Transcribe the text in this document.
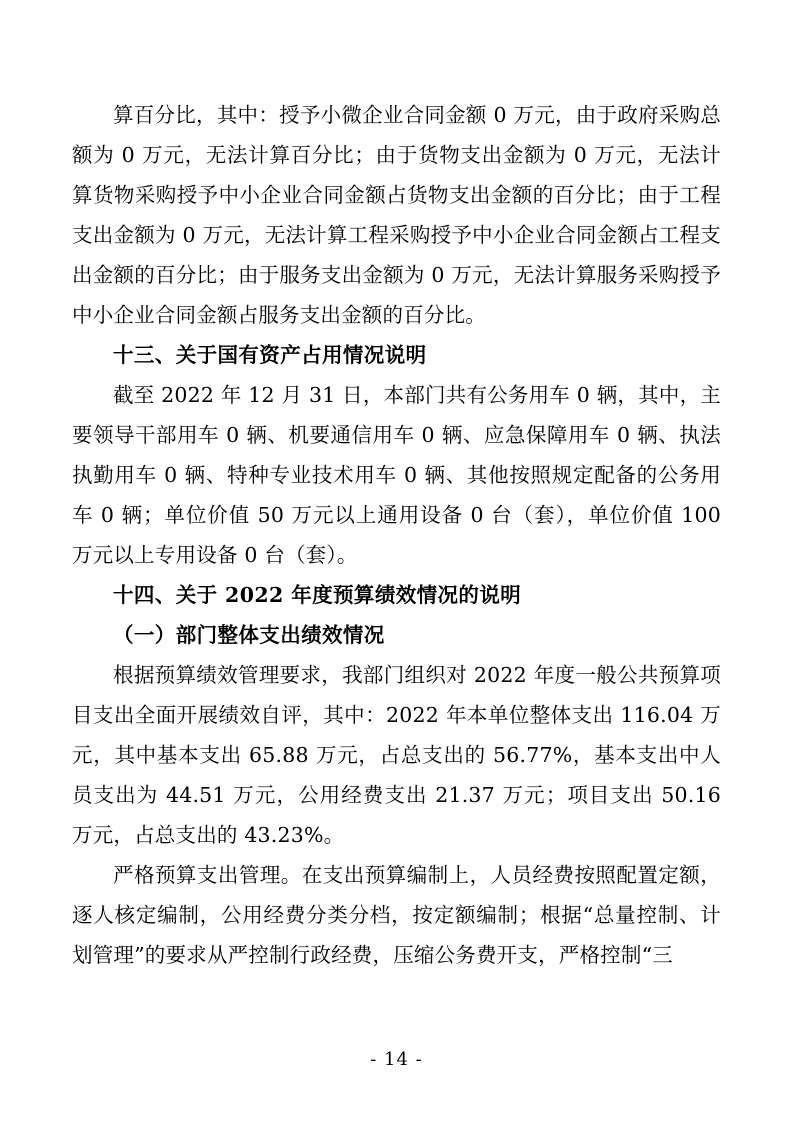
算百分比，其中：授予小微企业合同金额 0 万元，由于政府采购总额为 0 万元，无法计算百分比；由于货物支出金额为 0 万元，无法计算货物采购授予中小企业合同金额占货物支出金额的百分比；由于工程支出金额为 0 万元，无法计算工程采购授予中小企业合同金额占工程支出金额的百分比；由于服务支出金额为 0 万元，无法计算服务采购授予中小企业合同金额占服务支出金额的百分比。

十三、关于国有资产占用情况说明

截至 2022 年 12 月 31 日，本部门共有公务用车 0 辆，其中，主要领导干部用车 0 辆、机要通信用车 0 辆、应急保障用车 0 辆、执法执勤用车 0 辆、特种专业技术用车 0 辆、其他按照规定配备的公务用车 0 辆；单位价值 50 万元以上通用设备 0 台（套），单位价值 100 万元以上专用设备 0 台（套）。

十四、关于 2022 年度预算绩效情况的说明

（一）部门整体支出绩效情况

根据预算绩效管理要求，我部门组织对 2022 年度一般公共预算项目支出全面开展绩效自评，其中：2022 年本单位整体支出 116.04 万元，其中基本支出 65.88 万元，占总支出的 56.77%，基本支出中人员支出为 44.51 万元，公用经费支出 21.37 万元；项目支出 50.16 万元，占总支出的 43.23%。

严格预算支出管理。在支出预算编制上，人员经费按照配置定额，逐人核定编制，公用经费分类分档，按定额编制；根据“总量控制、计划管理”的要求从严控制行政经费，压缩公务费开支，严格控制“三

- 14 -
